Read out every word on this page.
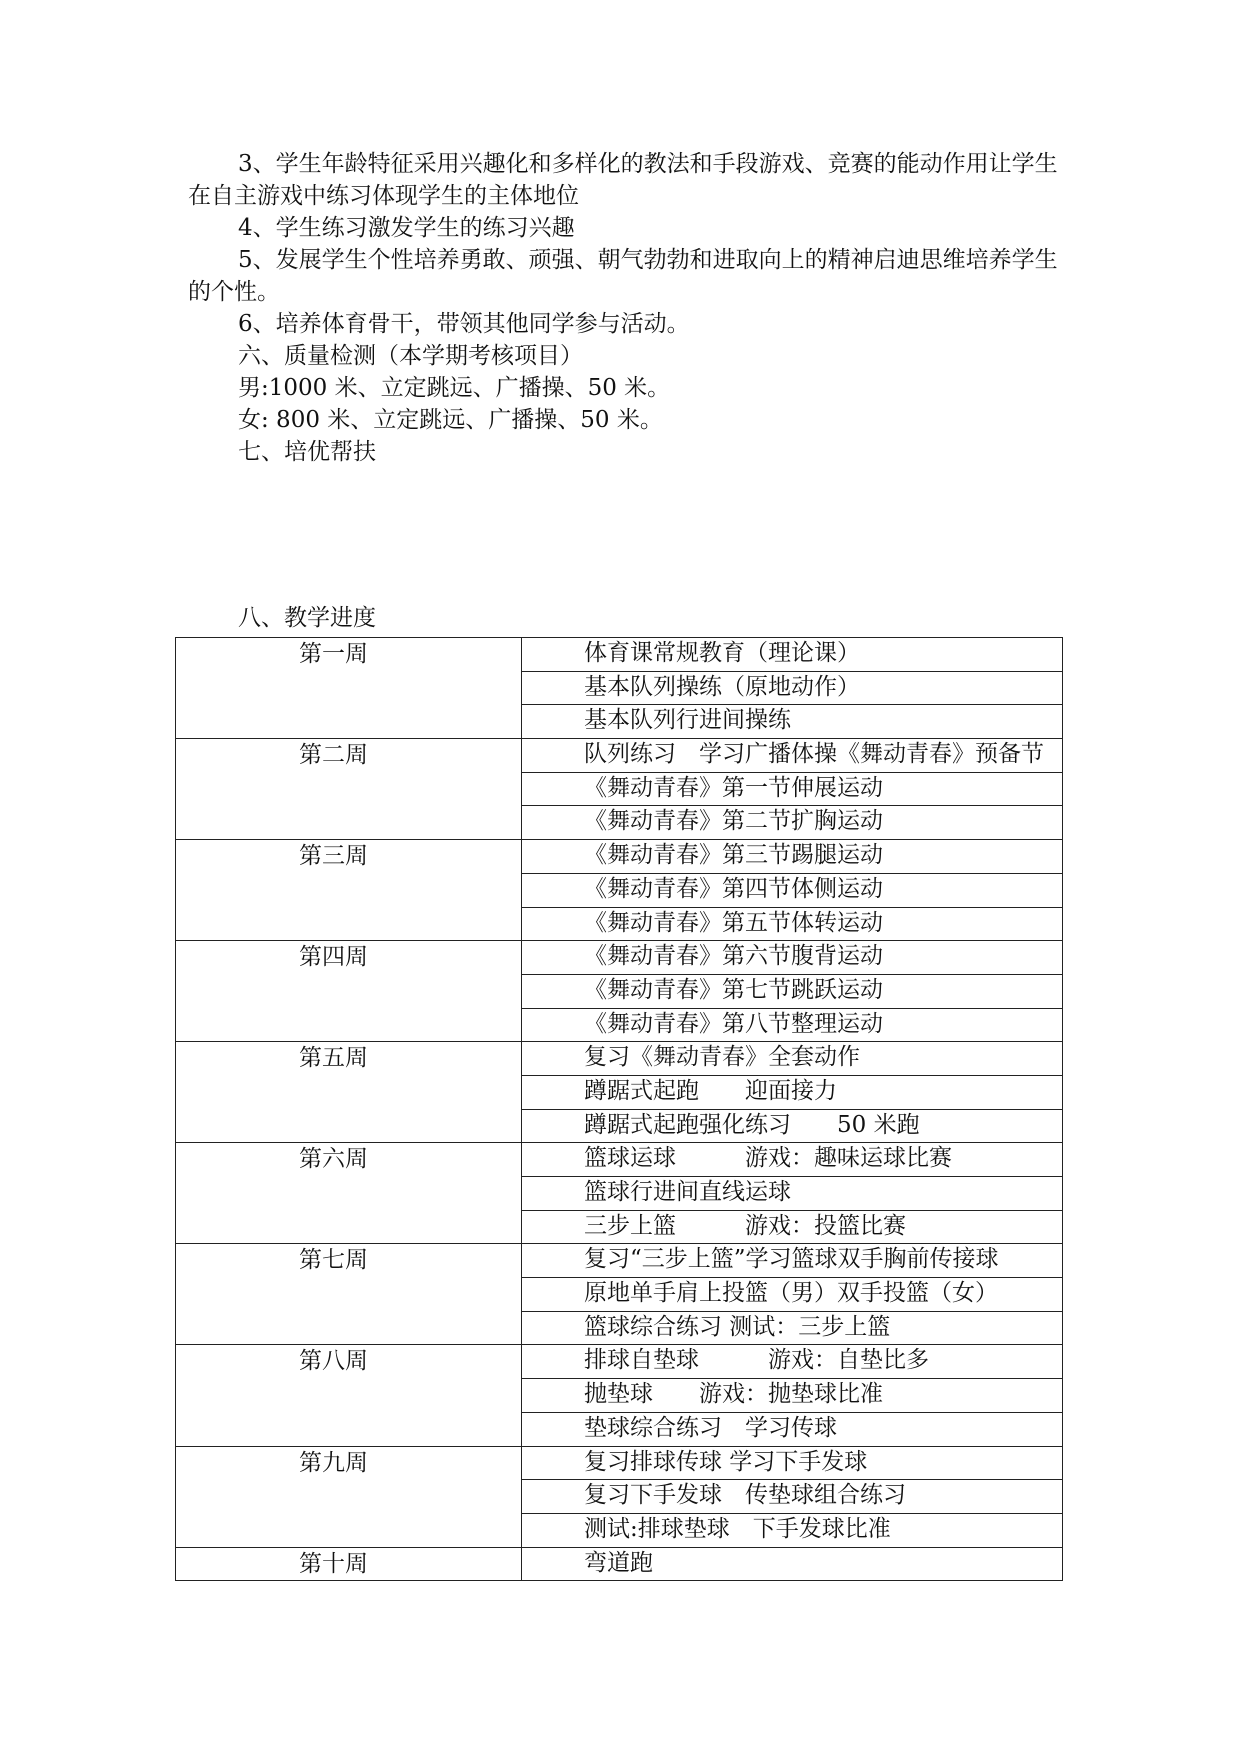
3、学生年龄特征采用兴趣化和多样化的教法和手段游戏、竞赛的能动作用让学生在自主游戏中练习体现学生的主体地位

4、学生练习激发学生的练习兴趣

5、发展学生个性培养勇敢、顽强、朝气勃勃和进取向上的精神启迪思维培养学生的个性。

6、培养体育骨干，带领其他同学参与活动。

六、质量检测（本学期考核项目）

男:1000 米、立定跳远、广播操、50 米。

女: 800 米、立定跳远、广播操、50 米。

七、培优帮扶

八、教学进度
第一周	体育课常规教育（理论课）
	基本队列操练（原地动作）
	基本队列行进间操练
第二周	队列练习　学习广播体操《舞动青春》预备节
	《舞动青春》第一节伸展运动
	《舞动青春》第二节扩胸运动
第三周	《舞动青春》第三节踢腿运动
	《舞动青春》第四节体侧运动
	《舞动青春》第五节体转运动
第四周	《舞动青春》第六节腹背运动
	《舞动青春》第七节跳跃运动
	《舞动青春》第八节整理运动
第五周	复习《舞动青春》全套动作
	蹲踞式起跑　　迎面接力
	蹲踞式起跑强化练习　　50 米跑
第六周	篮球运球　　　游戏：趣味运球比赛
	篮球行进间直线运球
	三步上篮　　　游戏：投篮比赛
第七周	复习“三步上篮”学习篮球双手胸前传接球
	原地单手肩上投篮（男）双手投篮（女）
	篮球综合练习 测试：三步上篮
第八周	排球自垫球　　　游戏：自垫比多
	抛垫球　　游戏：抛垫球比准
	垫球综合练习　学习传球
第九周	复习排球传球 学习下手发球
	复习下手发球　传垫球组合练习
	测试:排球垫球　下手发球比准
第十周	弯道跑
